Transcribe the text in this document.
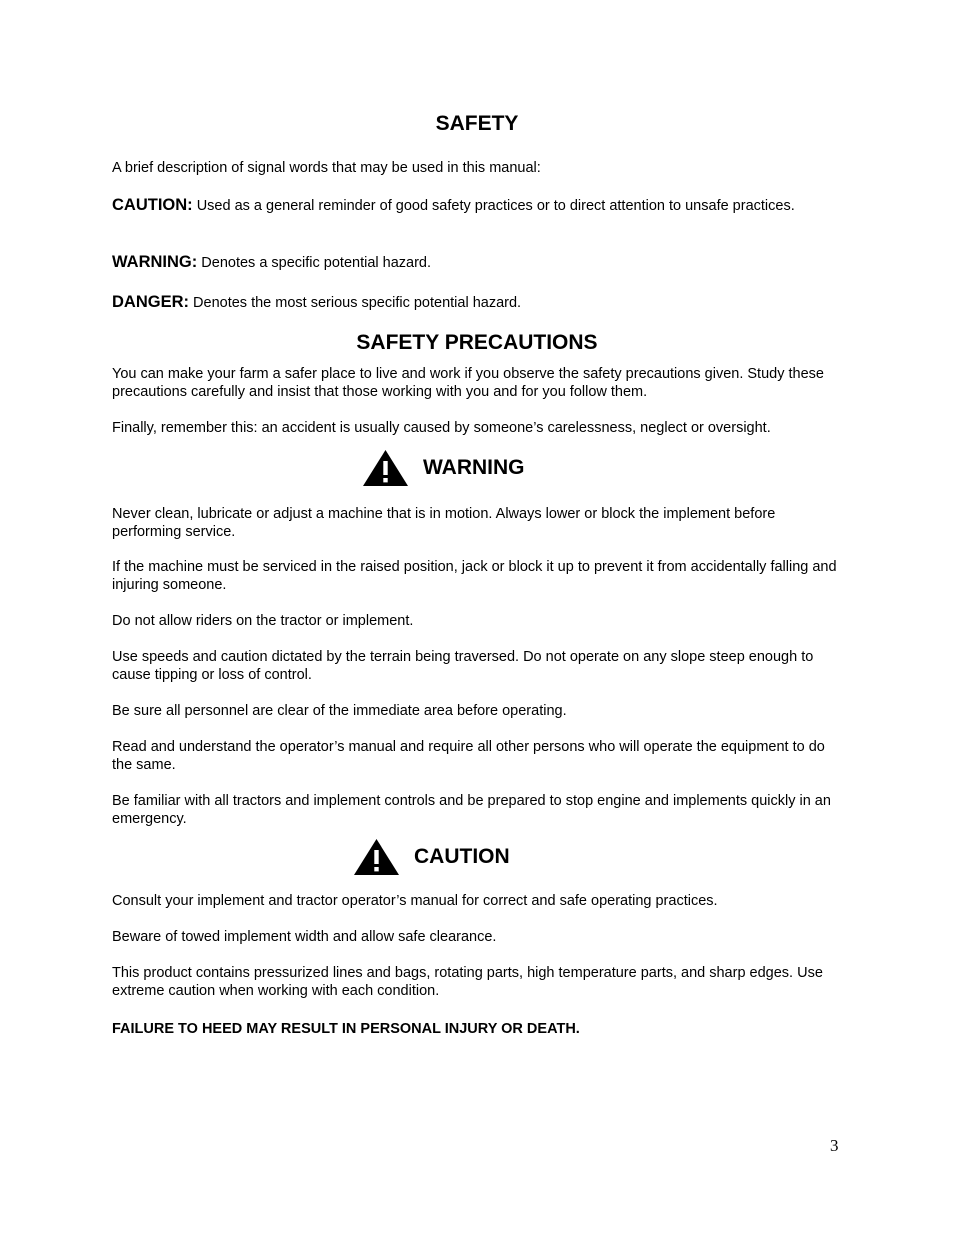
SAFETY
A brief description of signal words that may be used in this manual:
CAUTION: Used as a general reminder of good safety practices or to direct attention to unsafe practices.
WARNING: Denotes a specific potential hazard.
DANGER: Denotes the most serious specific potential hazard.
SAFETY PRECAUTIONS
You can make your farm a safer place to live and work if you observe the safety precautions given. Study these precautions carefully and insist that those working with you and for you follow them.
Finally, remember this: an accident is usually caused by someone’s carelessness, neglect or oversight.
WARNING
Never clean, lubricate or adjust a machine that is in motion. Always lower or block the implement before performing service.
If the machine must be serviced in the raised position, jack or block it up to prevent it from accidentally falling and injuring someone.
Do not allow riders on the tractor or implement.
Use speeds and caution dictated by the terrain being traversed. Do not operate on any slope steep enough to cause tipping or loss of control.
Be sure all personnel are clear of the immediate area before operating.
Read and understand the operator’s manual and require all other persons who will operate the equipment to do the same.
Be familiar with all tractors and implement controls and be prepared to stop engine and implements quickly in an emergency.
CAUTION
Consult your implement and tractor operator’s manual for correct and safe operating practices.
Beware of towed implement width and allow safe clearance.
This product contains pressurized lines and bags, rotating parts, high temperature parts, and sharp edges. Use extreme caution when working with each condition.
FAILURE TO HEED MAY RESULT IN PERSONAL INJURY OR DEATH.
3
